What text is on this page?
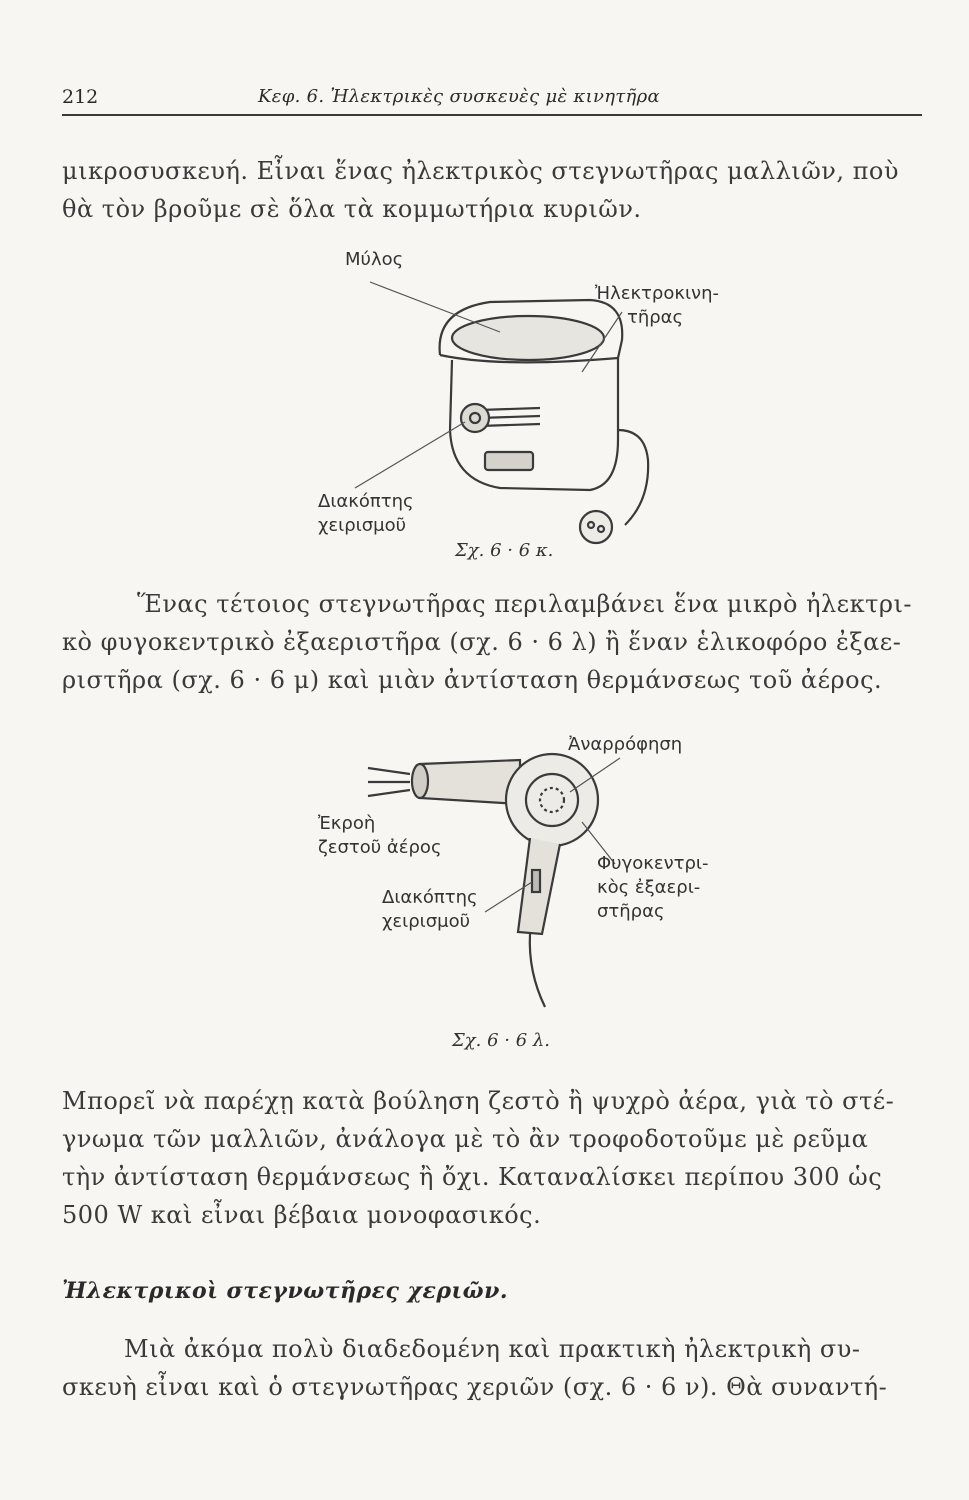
212	Κεφ. 6. Ἠλεκτρικὲς συσκευὲς μὲ κινητῆρα

μικροσυσκευή. Εἶναι ἕνας ἠλεκτρικὸς στεγνωτῆρας μαλλιῶν, ποὺ

θὰ τὸν βροῦμε σὲ ὅλα τὰ κομμωτήρια κυριῶν.

Μύλος
Ἠλεκτροκινη-
τῆρας
Διακόπτης
χειρισμοῦ
Σχ. 6 · 6 κ.

Ἕνας τέτοιος στεγνωτῆρας περιλαμβάνει ἕνα μικρὸ ἠλεκτρι-

κὸ φυγοκεντρικὸ ἐξαεριστῆρα (σχ. 6 · 6 λ) ἢ ἕναν ἑλικοφόρο ἐξαε-

ριστῆρα (σχ. 6 · 6 μ) καὶ μιὰν ἀντίσταση θερμάνσεως τοῦ ἀέρος.

Ἀναρρόφηση
Ἐκροὴ
ζεστοῦ ἀέρος
Διακόπτης
χειρισμοῦ
Φυγοκεντρι-
κὸς ἐξαερι-
στῆρας
Σχ. 6 · 6 λ.

Μπορεῖ νὰ παρέχῃ κατὰ βούληση ζεστὸ ἢ ψυχρὸ ἀέρα, γιὰ τὸ στέ-

γνωμα τῶν μαλλιῶν, ἀνάλογα μὲ τὸ ἂν τροφοδοτοῦμε μὲ ρεῦμα

τὴν ἀντίσταση θερμάνσεως ἢ ὄχι. Καταναλίσκει περίπου 300 ὡς

500 W καὶ εἶναι βέβαια μονοφασικός.

Ἠλεκτρικοὶ στεγνωτῆρες χεριῶν.

Μιὰ ἀκόμα πολὺ διαδεδομένη καὶ πρακτικὴ ἠλεκτρικὴ συ-

σκευὴ εἶναι καὶ ὁ στεγνωτῆρας χεριῶν (σχ. 6 · 6 ν). Θὰ συναντή-
